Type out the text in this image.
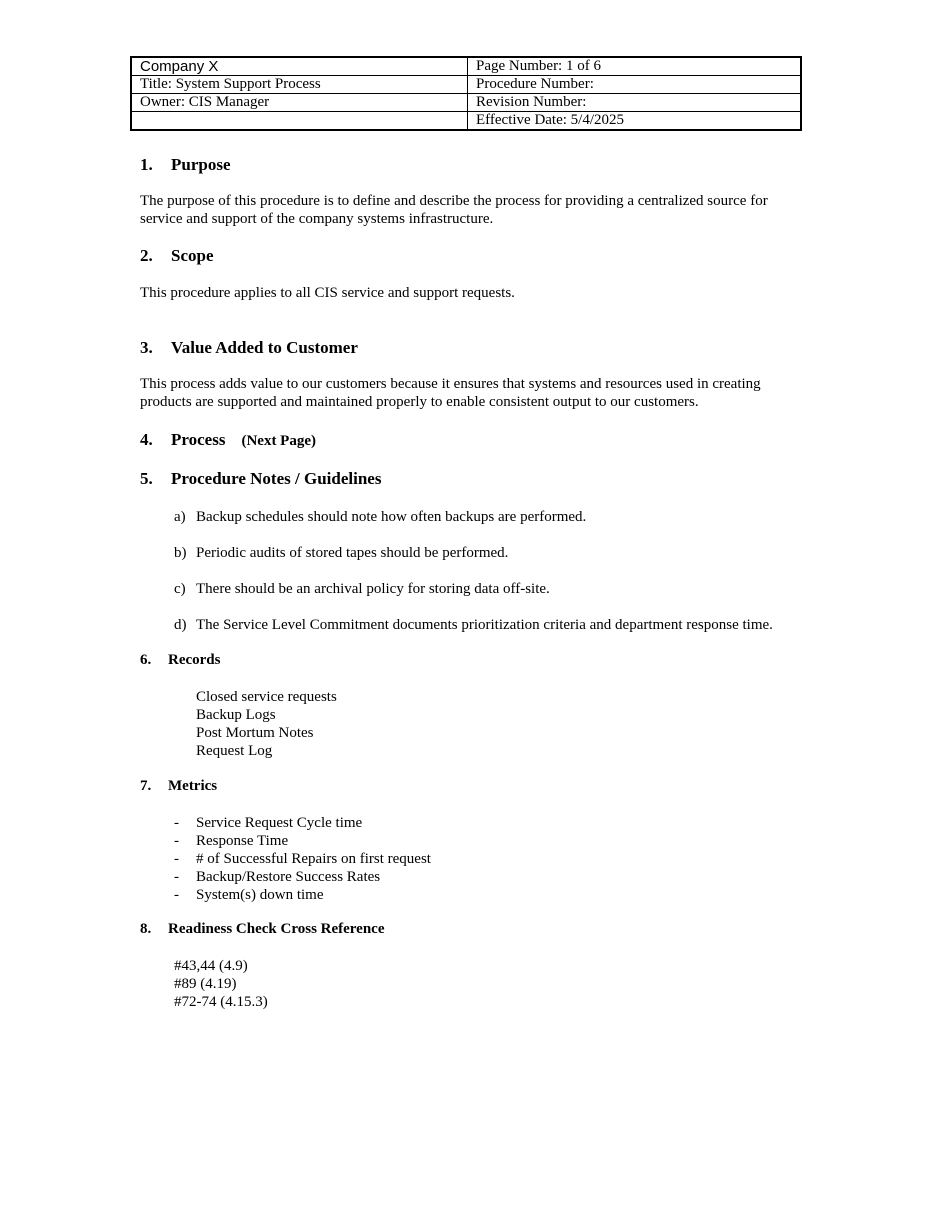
Company X	Page Number: 1 of 6
Title: System Support Process	Procedure Number:
Owner: CIS Manager	Revision Number:
	Effective Date: 5/4/2025
1. Purpose
The purpose of this procedure is to define and describe the process for providing a centralized source for service and support of the company systems infrastructure.
2. Scope
This procedure applies to all CIS service and support requests.
3. Value Added to Customer
This process adds value to our customers because it ensures that systems and resources used in creating products are supported and maintained properly to enable consistent output to our customers.
4. Process (Next Page)
5. Procedure Notes / Guidelines
a) Backup schedules should note how often backups are performed.
b) Periodic audits of stored tapes should be performed.
c) There should be an archival policy for storing data off-site.
d) The Service Level Commitment documents prioritization criteria and department response time.
6. Records
Closed service requests
Backup Logs
Post Mortum Notes
Request Log
7. Metrics
- Service Request Cycle time
- Response Time
- # of Successful Repairs on first request
- Backup/Restore Success Rates
- System(s) down time
8. Readiness Check Cross Reference
#43,44 (4.9)
#89 (4.19)
#72-74 (4.15.3)
